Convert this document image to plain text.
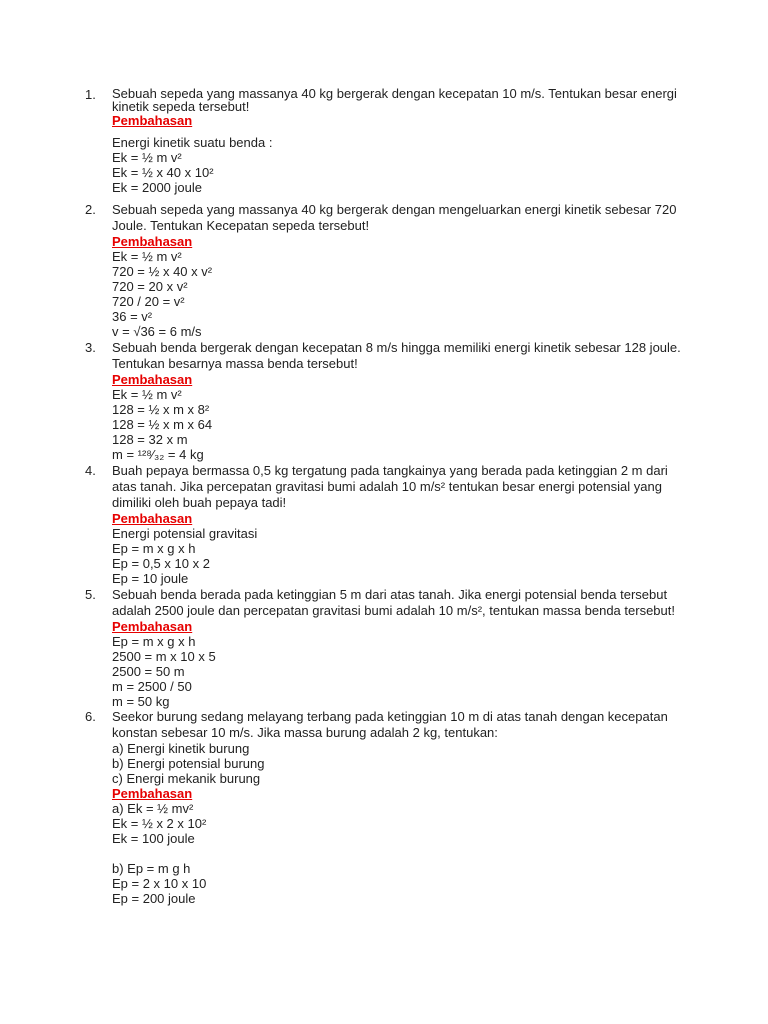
1.	Sebuah sepeda yang massanya 40 kg bergerak dengan kecepatan 10 m/s. Tentukan besar energi kinetik sepeda tersebut!
Pembahasan
Energi kinetik suatu benda :
Ek = ½ m v²
Ek = ½ x 40 x 10²
Ek = 2000 joule
2.	Sebuah sepeda yang massanya 40 kg bergerak dengan mengeluarkan energi kinetik sebesar 720 Joule. Tentukan Kecepatan sepeda tersebut!
Pembahasan
Ek = ½ m v²
720 = ½ x 40 x v²
720 = 20 x v²
720 / 20 = v²
36 = v²
v = √36 = 6 m/s
3.	Sebuah benda bergerak dengan kecepatan 8 m/s hingga memiliki energi kinetik sebesar 128 joule. Tentukan besarnya massa benda tersebut!
Pembahasan
Ek = ½ m v²
128 = ½ x m x 8²
128 = ½ x m x 64
128 = 32 x m
m = ¹²⁸⁄₃₂ = 4 kg
4.	Buah pepaya bermassa 0,5 kg tergatung pada tangkainya yang berada pada ketinggian 2 m dari atas tanah. Jika percepatan gravitasi bumi adalah 10 m/s² tentukan besar energi potensial yang dimiliki oleh buah pepaya tadi!
Pembahasan
Energi potensial gravitasi
Ep = m x g x h
Ep = 0,5 x 10 x 2
Ep = 10 joule
5.	Sebuah benda berada pada ketinggian 5 m dari atas tanah. Jika energi potensial benda tersebut adalah 2500 joule dan percepatan gravitasi bumi adalah 10 m/s², tentukan massa benda tersebut!
Pembahasan
Ep = m x g x h
2500 = m x 10 x 5
2500 = 50 m
m = 2500 / 50
m = 50 kg
6.	Seekor burung sedang melayang terbang pada ketinggian 10 m di atas tanah dengan kecepatan konstan sebesar 10 m/s. Jika massa burung adalah 2 kg, tentukan:
a) Energi kinetik burung
b) Energi potensial burung
c) Energi mekanik burung
Pembahasan
a) Ek = ½ mv²
Ek = ½ x 2 x 10²
Ek = 100 joule
b) Ep = m g h
Ep = 2 x 10 x 10
Ep = 200 joule
